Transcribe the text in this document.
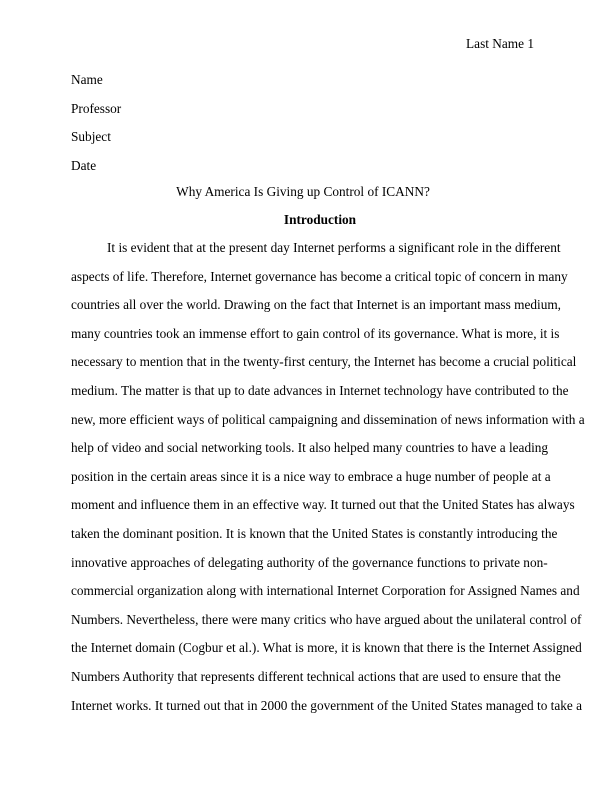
Last Name 1
Name
Professor
Subject
Date
Why America Is Giving up Control of ICANN?
Introduction
It is evident that at the present day Internet performs a significant role in the different
aspects of life. Therefore, Internet governance has become a critical topic of concern in many
countries all over the world. Drawing on the fact that Internet is an important mass medium,
many countries took an immense effort to gain control of its governance. What is more, it is
necessary to mention that in the twenty-first century, the Internet has become a crucial political
medium. The matter is that up to date advances in Internet technology have contributed to the
new, more efficient ways of political campaigning and dissemination of news information with a
help of video and social networking tools. It also helped many countries to have a leading
position in the certain areas since it is a nice way to embrace a huge number of people at a
moment and influence them in an effective way. It turned out that the United States has always
taken the dominant position. It is known that the United States is constantly introducing the
innovative approaches of delegating authority of the governance functions to private non-
commercial organization along with international Internet Corporation for Assigned Names and
Numbers. Nevertheless, there were many critics who have argued about the unilateral control of
the Internet domain (Cogbur et al.). What is more, it is known that there is the Internet Assigned
Numbers Authority that represents different technical actions that are used to ensure that the
Internet works. It turned out that in 2000 the government of the United States managed to take a
